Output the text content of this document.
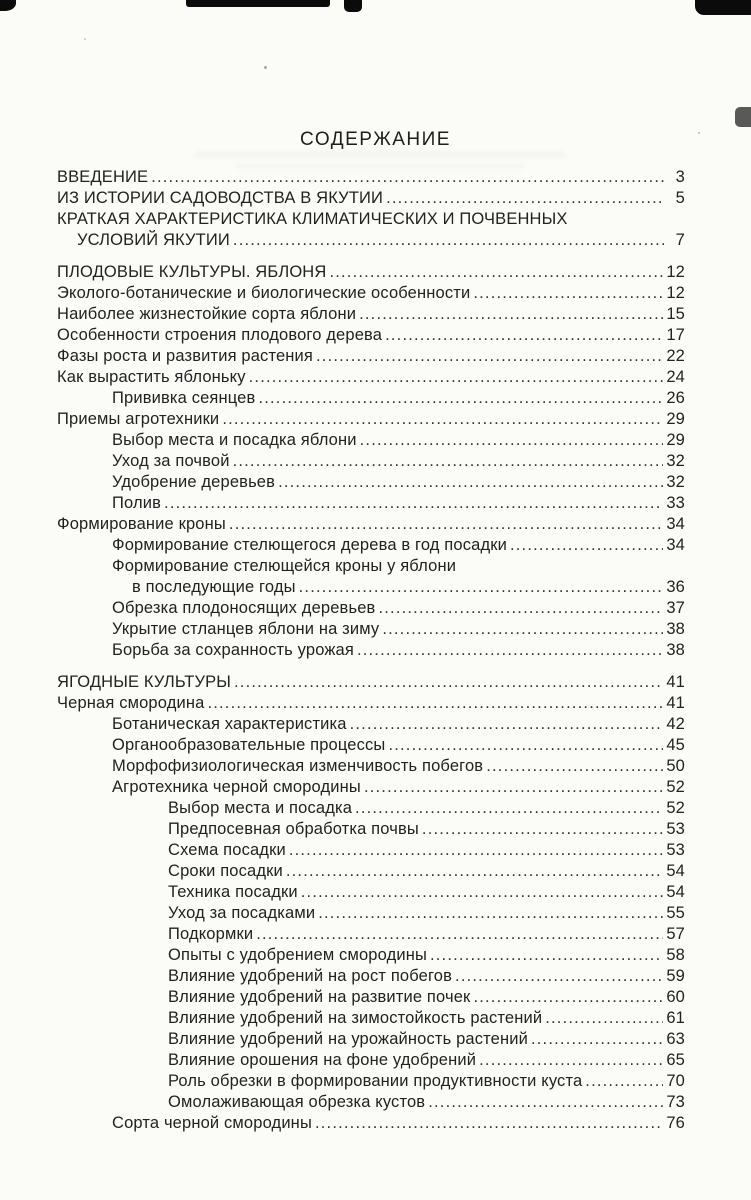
СОДЕРЖАНИЕ
ВВЕДЕНИЕ .....	3
ИЗ ИСТОРИИ САДОВОДСТВА В ЯКУТИИ .....	5
КРАТКАЯ ХАРАКТЕРИСТИКА КЛИМАТИЧЕСКИХ И ПОЧВЕННЫХ
УСЛОВИЙ ЯКУТИИ .....	7
ПЛОДОВЫЕ КУЛЬТУРЫ. ЯБЛОНЯ .....	12
Эколого-ботанические и биологические особенности .....	12
Наиболее жизнестойкие сорта яблони .....	15
Особенности строения плодового дерева .....	17
Фазы роста и развития растения .....	22
Как вырастить яблоньку .....	24
Прививка сеянцев .....	26
Приемы агротехники .....	29
Выбор места и посадка яблони .....	29
Уход за почвой .....	32
Удобрение деревьев .....	32
Полив .....	33
Формирование кроны .....	34
Формирование стелющегося дерева в год посадки .....	34
Формирование стелющейся кроны у яблони
в последующие годы .....	36
Обрезка плодоносящих деревьев .....	37
Укрытие стланцев яблони на зиму .....	38
Борьба за сохранность урожая .....	38
ЯГОДНЫЕ КУЛЬТУРЫ .....	41
Черная смородина .....	41
Ботаническая характеристика .....	42
Органообразовательные процессы .....	45
Морфофизиологическая изменчивость побегов .....	50
Агротехника черной смородины .....	52
Выбор места и посадка .....	52
Предпосевная обработка почвы .....	53
Схема посадки .....	53
Сроки посадки .....	54
Техника посадки .....	54
Уход за посадками .....	55
Подкормки .....	57
Опыты с удобрением смородины .....	58
Влияние удобрений на рост побегов .....	59
Влияние удобрений на развитие почек .....	60
Влияние удобрений на зимостойкость растений .....	61
Влияние удобрений на урожайность растений .....	63
Влияние орошения на фоне удобрений .....	65
Роль обрезки в формировании продуктивности куста .....	70
Омолаживающая обрезка кустов .....	73
Сорта черной смородины .....	76
